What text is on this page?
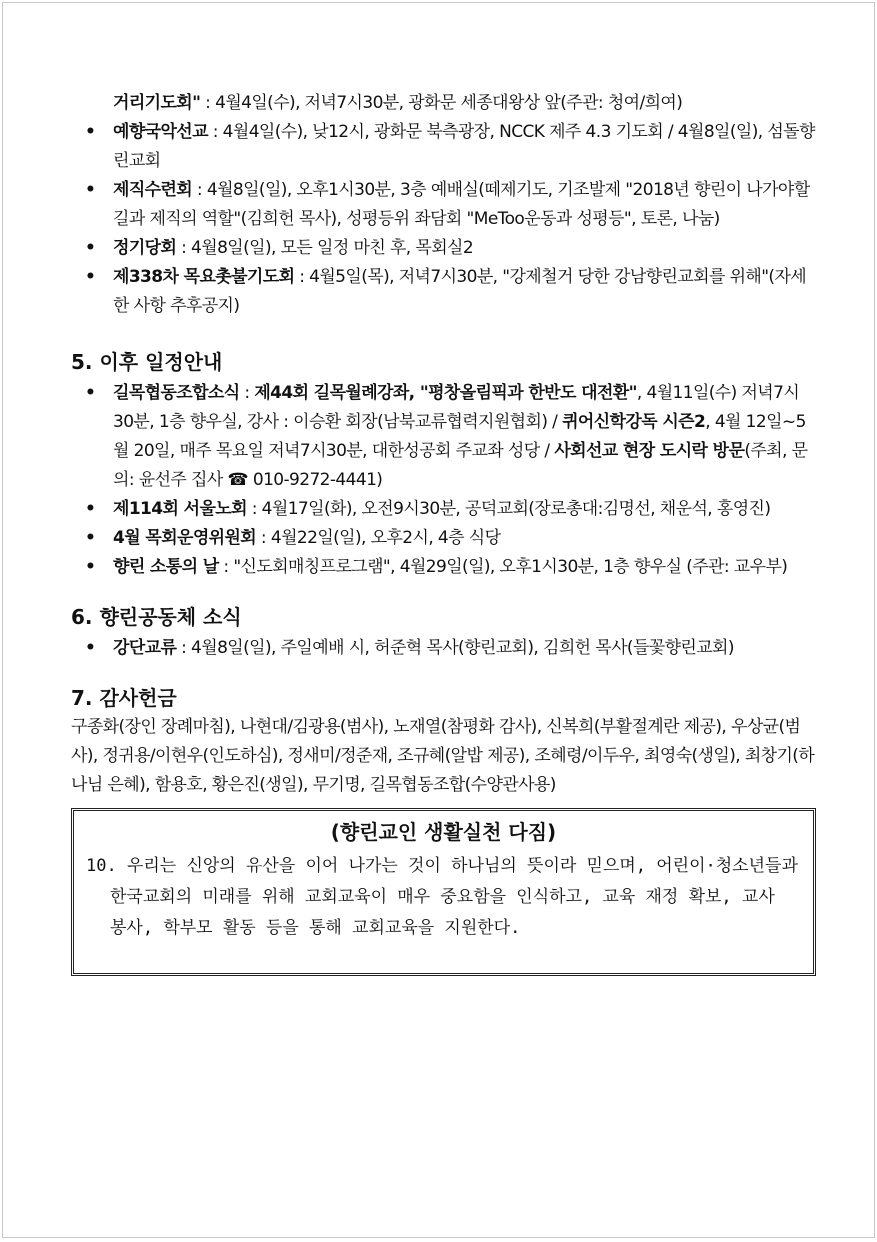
거리기도회" : 4월4일(수), 저녁7시30분, 광화문 세종대왕상 앞(주관: 청여/희여)
• 예향국악선교 : 4월4일(수), 낮12시, 광화문 북측광장, NCCK 제주 4.3 기도회 / 4월8일(일), 섬돌향린교회
• 제직수련회 : 4월8일(일), 오후1시30분, 3층 예배실(떼제기도, 기조발제 "2018년 향린이 나가야할 길과 제직의 역할"(김희헌 목사), 성평등위 좌담회 "MeToo운동과 성평등", 토론, 나눔)
• 정기당회 : 4월8일(일), 모든 일정 마친 후, 목회실2
• 제338차 목요촛불기도회 : 4월5일(목), 저녁7시30분, "강제철거 당한 강남향린교회를 위해"(자세한 사항 추후공지)
5. 이후 일정안내
• 길목협동조합소식 : 제44회 길목월례강좌, "평창올림픽과 한반도 대전환", 4월11일(수) 저녁7시30분, 1층 향우실, 강사 : 이승환 회장(남북교류협력지원협회) / 퀴어신학강독 시즌2, 4월 12일~5월 20일, 매주 목요일 저녁7시30분, 대한성공회 주교좌 성당 / 사회선교 현장 도시락 방문(주최, 문의: 윤선주 집사 ☎ 010-9272-4441)
• 제114회 서울노회 : 4월17일(화), 오전9시30분, 공덕교회(장로총대:김명선, 채운석, 홍영진)
• 4월 목회운영위원회 : 4월22일(일), 오후2시, 4층 식당
• 향린 소통의 날 : "신도회매칭프로그램", 4월29일(일), 오후1시30분, 1층 향우실 (주관: 교우부)
6. 향린공동체 소식
• 강단교류 : 4월8일(일), 주일예배 시, 허준혁 목사(향린교회), 김희헌 목사(들꽃향린교회)
7. 감사헌금
구종화(장인 장례마침), 나현대/김광용(범사), 노재열(참평화 감사), 신복희(부활절계란 제공), 우상균(범사), 정귀용/이현우(인도하심), 정새미/정준재, 조규혜(알밥 제공), 조혜령/이두우, 최영숙(생일), 최창기(하나님 은혜), 함용호, 황은진(생일), 무기명, 길목협동조합(수양관사용)
(향린교인 생활실천 다짐)
10. 우리는 신앙의 유산을 이어 나가는 것이 하나님의 뜻이라 믿으며, 어린이·청소년들과 한국교회의 미래를 위해 교회교육이 매우 중요함을 인식하고, 교육 재정 확보, 교사 봉사, 학부모 활동 등을 통해 교회교육을 지원한다.
